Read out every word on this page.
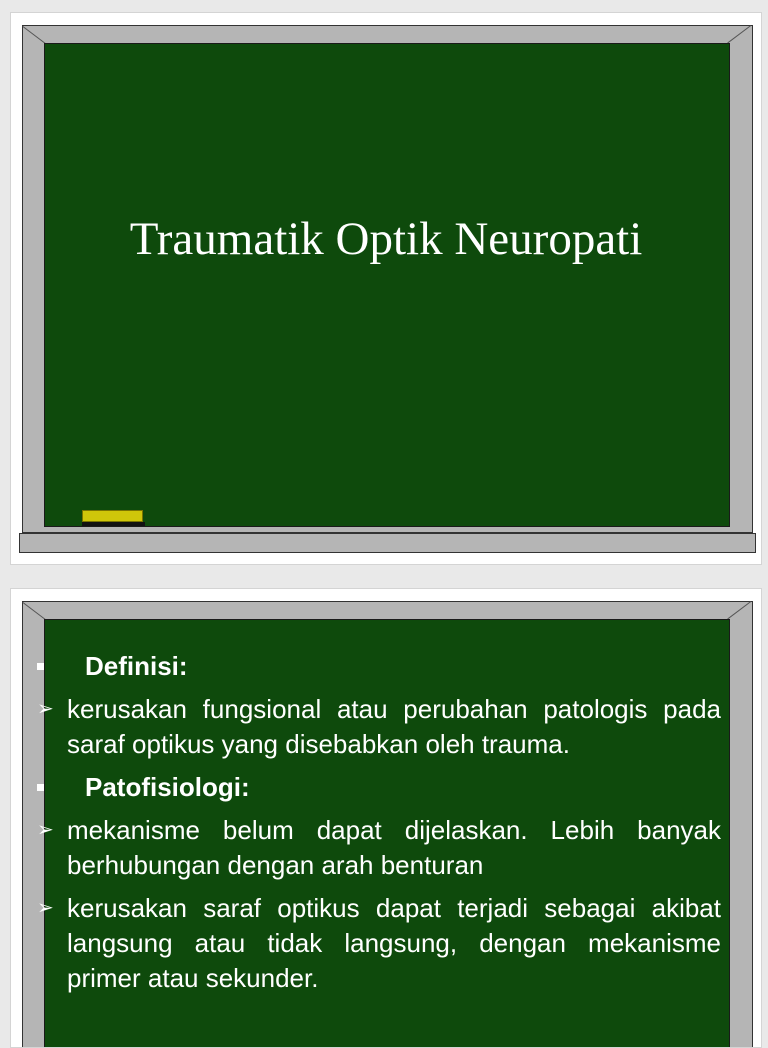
Traumatik Optik Neuropati
Definisi:
➢ kerusakan fungsional atau perubahan patologis pada saraf optikus yang disebabkan oleh trauma.
Patofisiologi:
➢ mekanisme belum dapat dijelaskan. Lebih banyak berhubungan dengan arah benturan
➢ kerusakan saraf optikus dapat terjadi sebagai akibat langsung atau tidak langsung, dengan mekanisme primer atau sekunder.
